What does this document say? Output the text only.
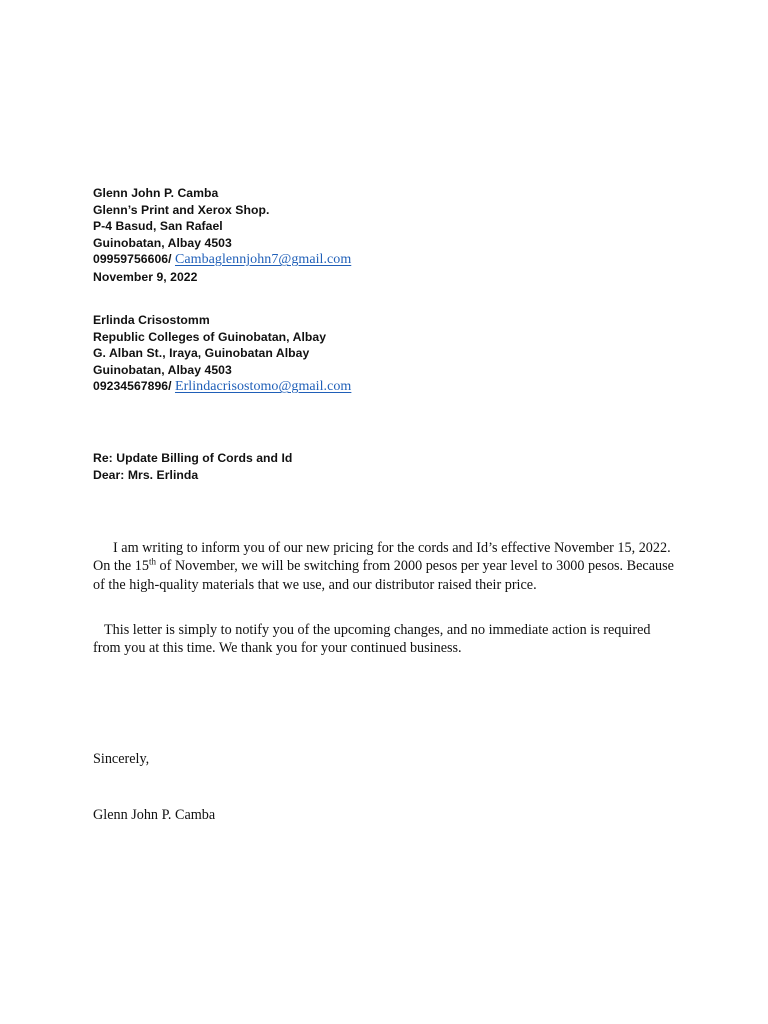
Glenn John P. Camba
Glenn’s Print and Xerox Shop.
P-4 Basud, San Rafael
Guinobatan, Albay 4503
09959756606/ Cambaglennjohn7@gmail.com
November 9, 2022
Erlinda Crisostomm
Republic Colleges of Guinobatan, Albay
G. Alban St., Iraya, Guinobatan Albay
Guinobatan, Albay 4503
09234567896/ Erlindacrisostomo@gmail.com
Re: Update Billing of Cords and Id
Dear: Mrs. Erlinda

I am writing to inform you of our new pricing for the cords and Id’s effective November 15, 2022. On the 15th of November, we will be switching from 2000 pesos per year level to 3000 pesos. Because of the high-quality materials that we use, and our distributor raised their price.

This letter is simply to notify you of the upcoming changes, and no immediate action is required from you at this time. We thank you for your continued business.

Sincerely,

Glenn John P. Camba
